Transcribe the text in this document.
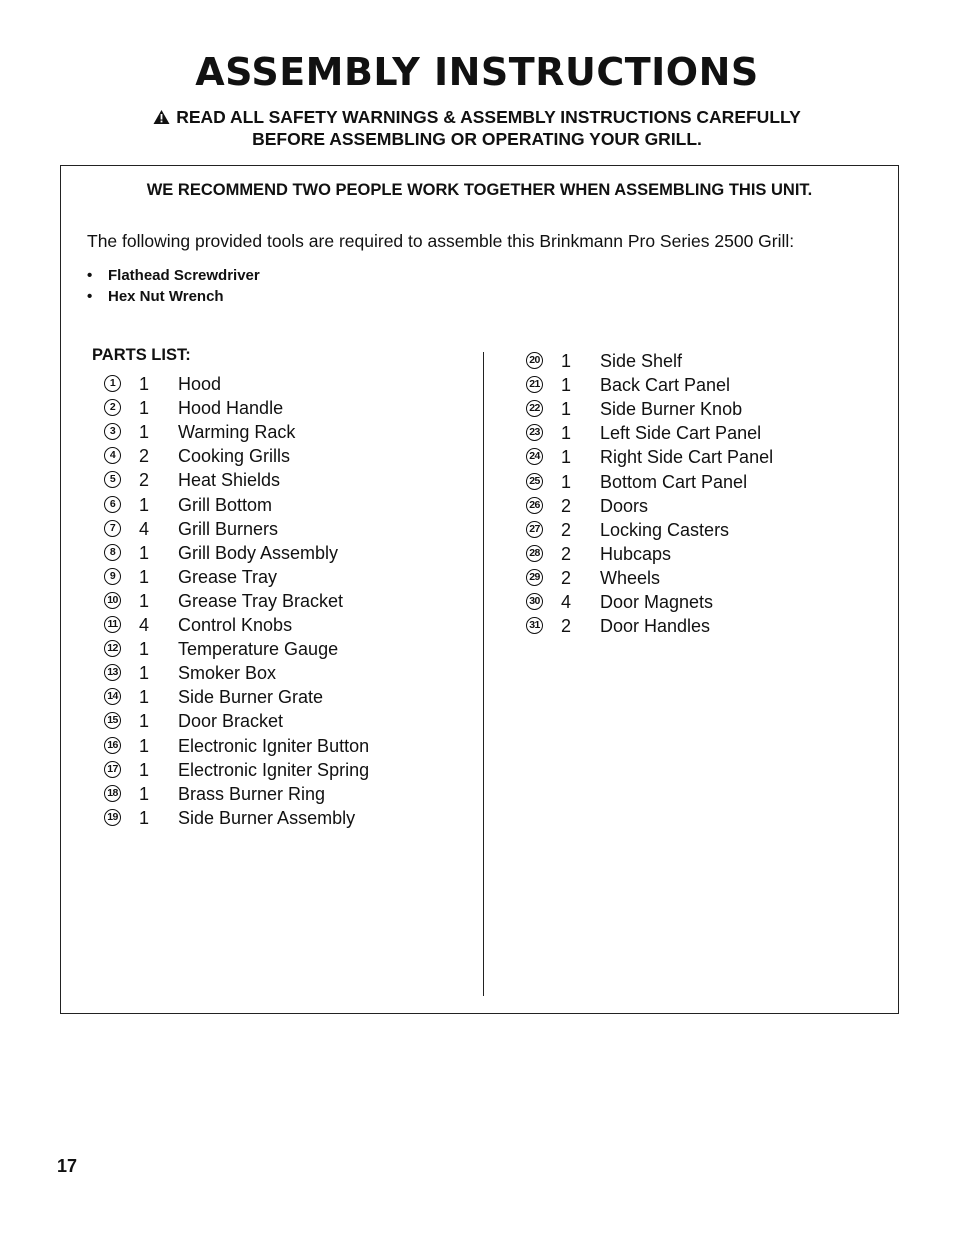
ASSEMBLY INSTRUCTIONS
READ ALL SAFETY WARNINGS & ASSEMBLY INSTRUCTIONS CAREFULLY
BEFORE ASSEMBLING OR OPERATING YOUR GRILL.
WE RECOMMEND TWO PEOPLE WORK TOGETHER WHEN ASSEMBLING THIS UNIT.
The following provided tools are required to assemble this Brinkmann Pro Series 2500 Grill:
• Flathead Screwdriver
• Hex Nut Wrench
PARTS LIST:
1	1 Hood
2	1 Hood Handle
3	1 Warming Rack
4	2 Cooking Grills
5	2 Heat Shields
6	1 Grill Bottom
7	4 Grill Burners
8	1 Grill Body Assembly
9	1 Grease Tray
10 1 Grease Tray Bracket
11 4 Control Knobs
12 1 Temperature Gauge
13 1 Smoker Box
14 1 Side Burner Grate
15 1 Door Bracket
16 1 Electronic Igniter Button
17 1 Electronic Igniter Spring
18 1 Brass Burner Ring
19 1 Side Burner Assembly
20 1 Side Shelf
21 1 Back Cart Panel
22 1 Side Burner Knob
23 1 Left Side Cart Panel
24 1 Right Side Cart Panel
25 1 Bottom Cart Panel
26 2 Doors
27 2 Locking Casters
28 2 Hubcaps
29 2 Wheels
30 4 Door Magnets
31 2 Door Handles
17
